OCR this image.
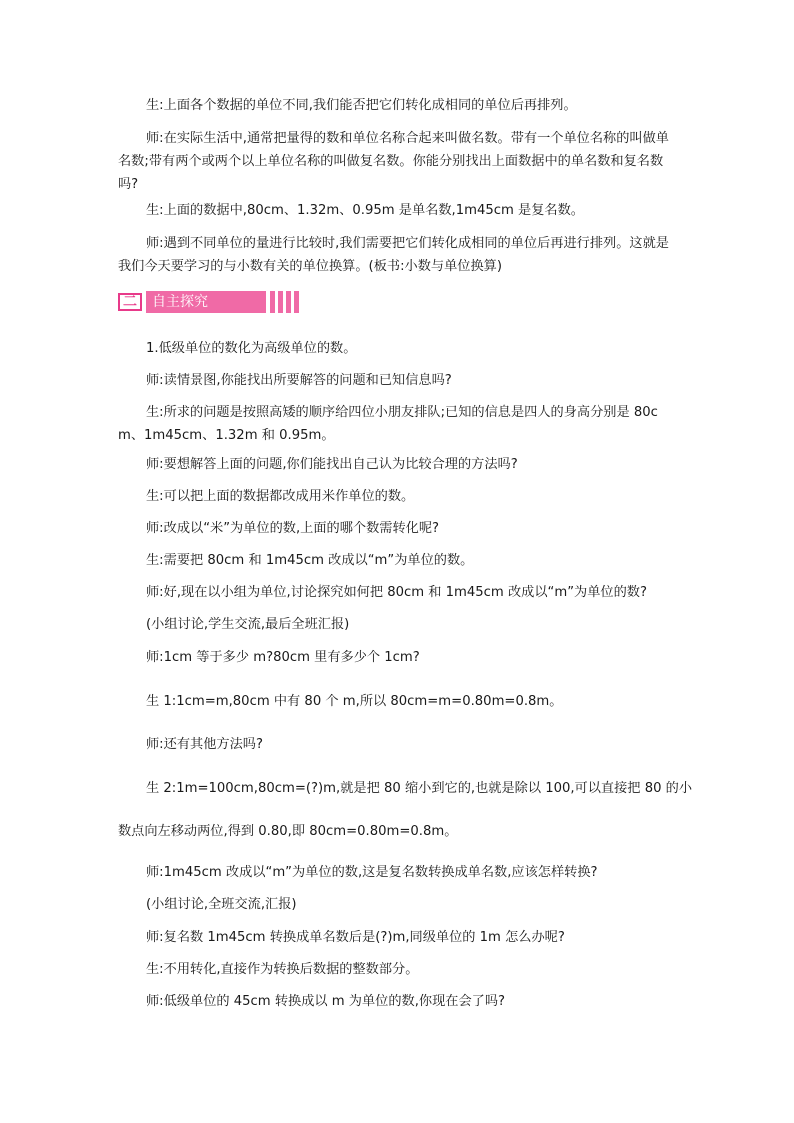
生:上面各个数据的单位不同,我们能否把它们转化成相同的单位后再排列。

师:在实际生活中,通常把量得的数和单位名称合起来叫做名数。带有一个单位名称的叫做单名数;带有两个或两个以上单位名称的叫做复名数。你能分别找出上面数据中的单名数和复名数吗?

生:上面的数据中,80cm、1.32m、0.95m 是单名数,1m45cm 是复名数。

师:遇到不同单位的量进行比较时,我们需要把它们转化成相同的单位后再进行排列。这就是我们今天要学习的与小数有关的单位换算。(板书:小数与单位换算)

二	自主探究

1.低级单位的数化为高级单位的数。

师:读情景图,你能找出所要解答的问题和已知信息吗?

生:所求的问题是按照高矮的顺序给四位小朋友排队;已知的信息是四人的身高分别是 80cm、1m45cm、1.32m 和 0.95m。

师:要想解答上面的问题,你们能找出自己认为比较合理的方法吗?

生:可以把上面的数据都改成用米作单位的数。

师:改成以“米”为单位的数,上面的哪个数需转化呢?

生:需要把 80cm 和 1m45cm 改成以“m”为单位的数。

师:好,现在以小组为单位,讨论探究如何把 80cm 和 1m45cm 改成以“m”为单位的数?

(小组讨论,学生交流,最后全班汇报)

师:1cm 等于多少 m?80cm 里有多少个 1cm?

生 1:1cm=m,80cm 中有 80 个 m,所以 80cm=m=0.80m=0.8m。

师:还有其他方法吗?

生 2:1m=100cm,80cm=(?)m,就是把 80 缩小到它的,也就是除以 100,可以直接把 80 的小

数点向左移动两位,得到 0.80,即 80cm=0.80m=0.8m。

师:1m45cm 改成以“m”为单位的数,这是复名数转换成单名数,应该怎样转换?

(小组讨论,全班交流,汇报)

师:复名数 1m45cm 转换成单名数后是(?)m,同级单位的 1m 怎么办呢?

生:不用转化,直接作为转换后数据的整数部分。

师:低级单位的 45cm 转换成以 m 为单位的数,你现在会了吗?
